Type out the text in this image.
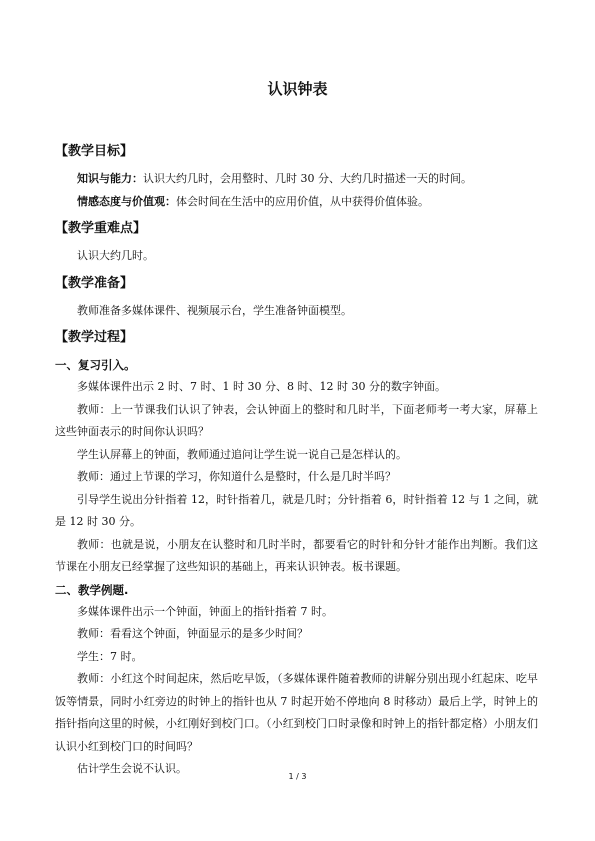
认识钟表
【教学目标】

知识与能力：认识大约几时，会用整时、几时 30 分、大约几时描述一天的时间。

情感态度与价值观：体会时间在生活中的应用价值，从中获得价值体验。

【教学重难点】

认识大约几时。

【教学准备】

教师准备多媒体课件、视频展示台，学生准备钟面模型。

【教学过程】

一、复习引入。

多媒体课件出示 2 时、7 时、1 时 30 分、8 时、12 时 30 分的数字钟面。

教师：上一节课我们认识了钟表，会认钟面上的整时和几时半，下面老师考一考大家，屏幕上这些钟面表示的时间你认识吗？

学生认屏幕上的钟面，教师通过追问让学生说一说自己是怎样认的。

教师：通过上节课的学习，你知道什么是整时，什么是几时半吗？

引导学生说出分针指着 12，时针指着几，就是几时；分针指着 6，时针指着 12 与 1 之间，就是 12 时 30 分。

教师：也就是说，小朋友在认整时和几时半时，都要看它的时针和分针才能作出判断。我们这节课在小朋友已经掌握了这些知识的基础上，再来认识钟表。板书课题。

二、教学例题.

多媒体课件出示一个钟面，钟面上的指针指着 7 时。

教师：看看这个钟面，钟面显示的是多少时间？

学生：7 时。

教师：小红这个时间起床，然后吃早饭，（多媒体课件随着教师的讲解分别出现小红起床、吃早饭等情景，同时小红旁边的时钟上的指针也从 7 时起开始不停地向 8 时移动）最后上学，时钟上的指针指向这里的时候，小红刚好到校门口。（小红到校门口时录像和时钟上的指针都定格）小朋友们认识小红到校门口的时间吗？

估计学生会说不认识。

1 / 3
